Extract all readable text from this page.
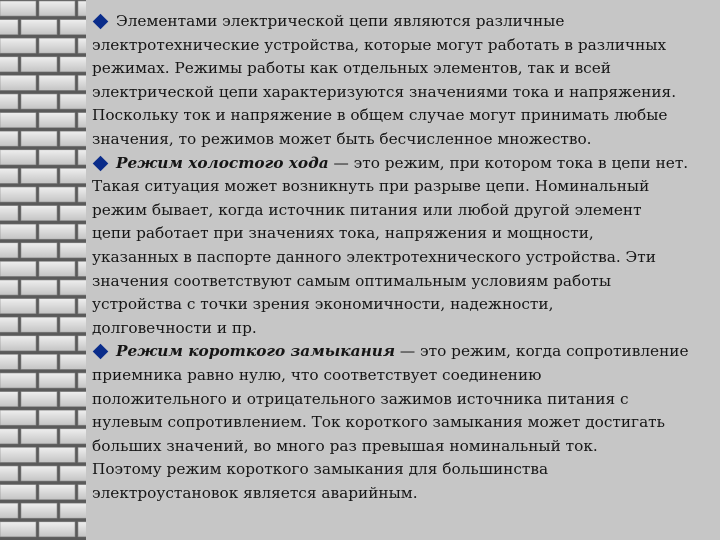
Элементами электрической цепи являются различные
электротехнические устройства, которые могут работать в различных
режимах. Режимы работы как отдельных элементов, так и всей
электрической цепи характеризуются значениями тока и напряжения.
Поскольку ток и напряжение в общем случае могут принимать любые
значения, то режимов может быть бесчисленное множество.
Режим холостого хода — это режим, при котором тока в цепи нет.
Такая ситуация может возникнуть при разрыве цепи. Номинальный
режим бывает, когда источник питания или любой другой элемент
цепи работает при значениях тока, напряжения и мощности,
указанных в паспорте данного электротехнического устройства. Эти
значения соответствуют самым оптимальным условиям работы
устройства с точки зрения экономичности, надежности,
долговечности и пр.
Режим короткого замыкания — это режим, когда сопротивление
приемника равно нулю, что соответствует соединению
положительного и отрицательного зажимов источника питания с
нулевым сопротивлением. Ток короткого замыкания может достигать
больших значений, во много раз превышая номинальный ток.
Поэтому режим короткого замыкания для большинства
электроустановок является аварийным.
